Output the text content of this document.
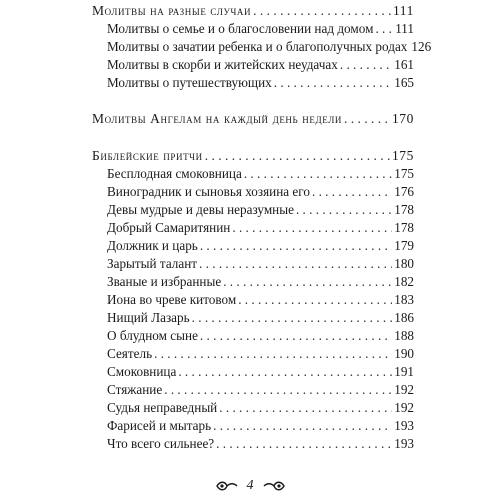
Молитвы на разные случаи . . .	111
Молитвы о семье и о благословении над домом . . . 111
Молитвы о зачатии ребенка и о благополучных родах 126
Молитвы в скорби и житейских неудачах . . .	161
Молитвы о путешествующих . . .	165
Молитвы Ангелам на каждый день недели . . .	170
Библейские притчи . . .	175
Бесплодная смоковница . . .	175
Виноградник и сыновья хозяина его . . .	176
Девы мудрые и девы неразумные . . .	178
Добрый Самаритянин . . .	178
Должник и царь . . .	179
Зарытый талант . . .	180
Званые и избранные . . .	182
Иона во чреве китовом . . .	183
Нищий Лазарь . . .	186
О блудном сыне . . .	188
Сеятель . . .	190
Смоковница . . .	191
Стяжание . . .	192
Судья неправедный . . .	192
Фарисей и мытарь . . .	193
Что всего сильнее? . . .	193
4
